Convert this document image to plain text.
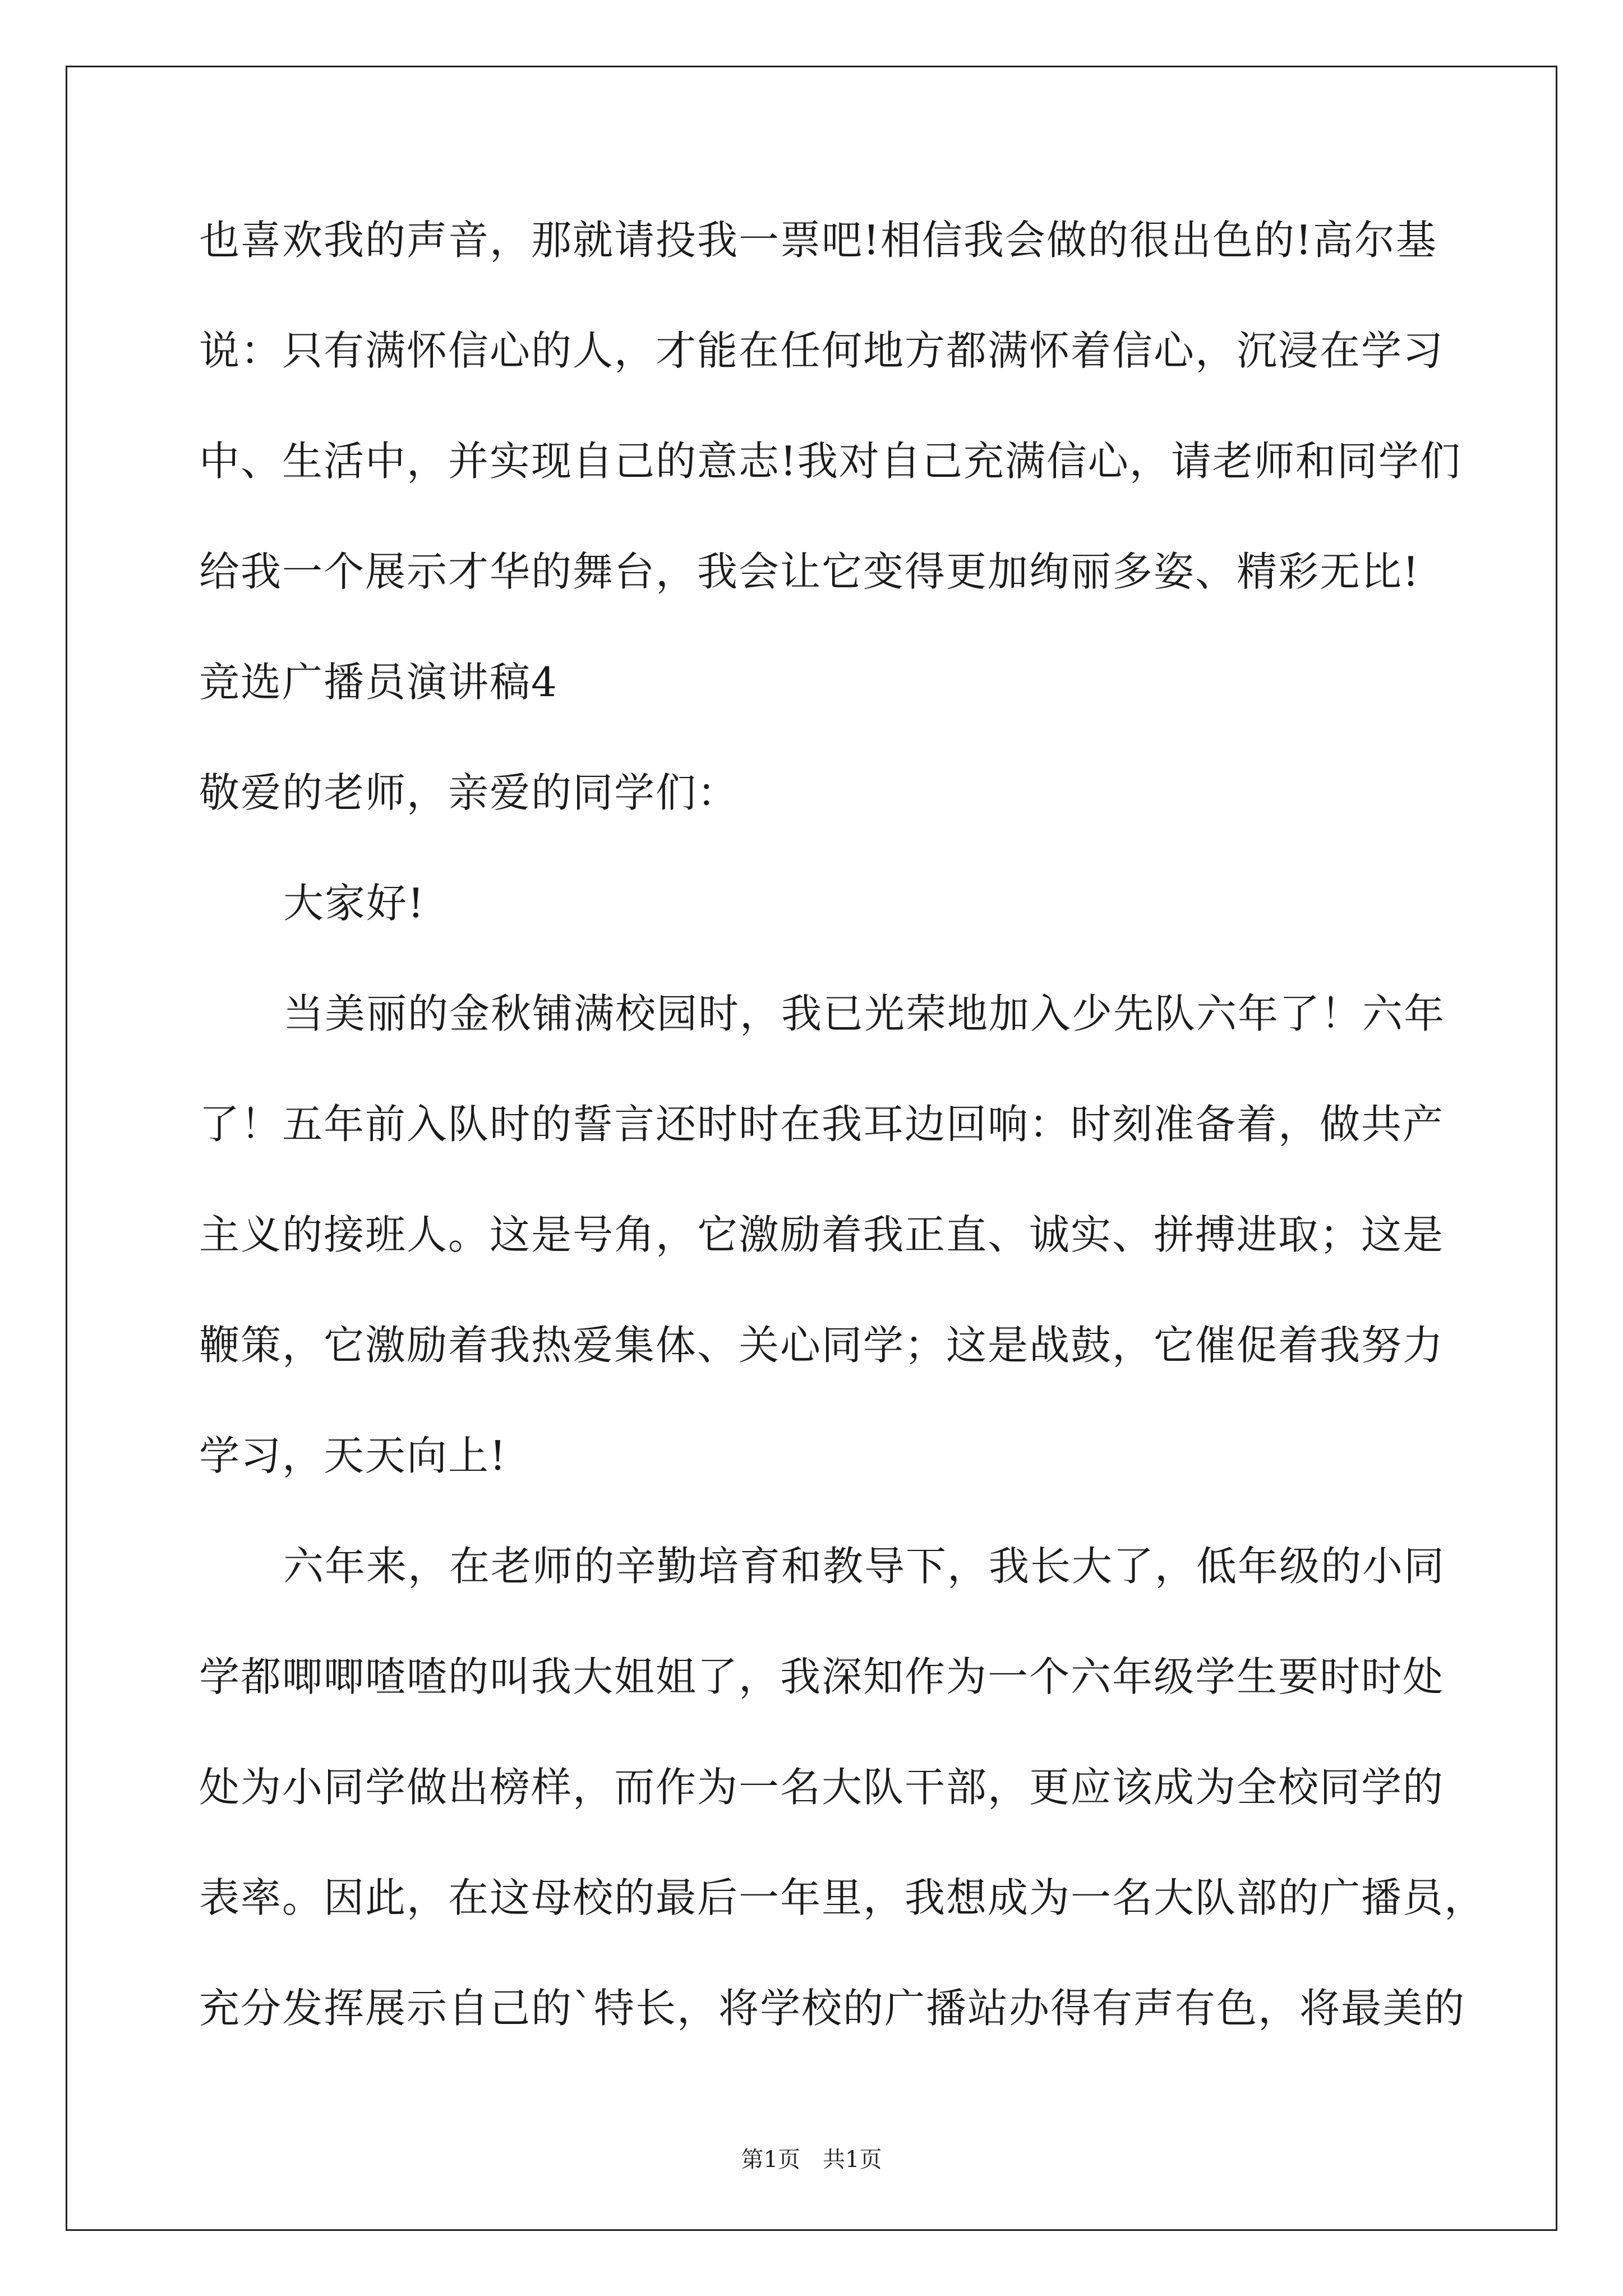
也喜欢我的声音，那就请投我一票吧!相信我会做的很出色的!高尔基
说：只有满怀信心的人，才能在任何地方都满怀着信心，沉浸在学习
中、生活中，并实现自己的意志!我对自己充满信心，请老师和同学们
给我一个展示才华的舞台，我会让它变得更加绚丽多姿、精彩无比!
竞选广播员演讲稿4
敬爱的老师，亲爱的同学们：
大家好!
当美丽的金秋铺满校园时，我已光荣地加入少先队六年了！六年
了！五年前入队时的誓言还时时在我耳边回响：时刻准备着，做共产
主义的接班人。这是号角，它激励着我正直、诚实、拼搏进取；这是
鞭策，它激励着我热爱集体、关心同学；这是战鼓，它催促着我努力
学习，天天向上!
六年来，在老师的辛勤培育和教导下，我长大了，低年级的小同
学都唧唧喳喳的叫我大姐姐了，我深知作为一个六年级学生要时时处
处为小同学做出榜样，而作为一名大队干部，更应该成为全校同学的
表率。因此，在这母校的最后一年里，我想成为一名大队部的广播员，
充分发挥展示自己的`特长，将学校的广播站办得有声有色，将最美的
第1页　共1页
